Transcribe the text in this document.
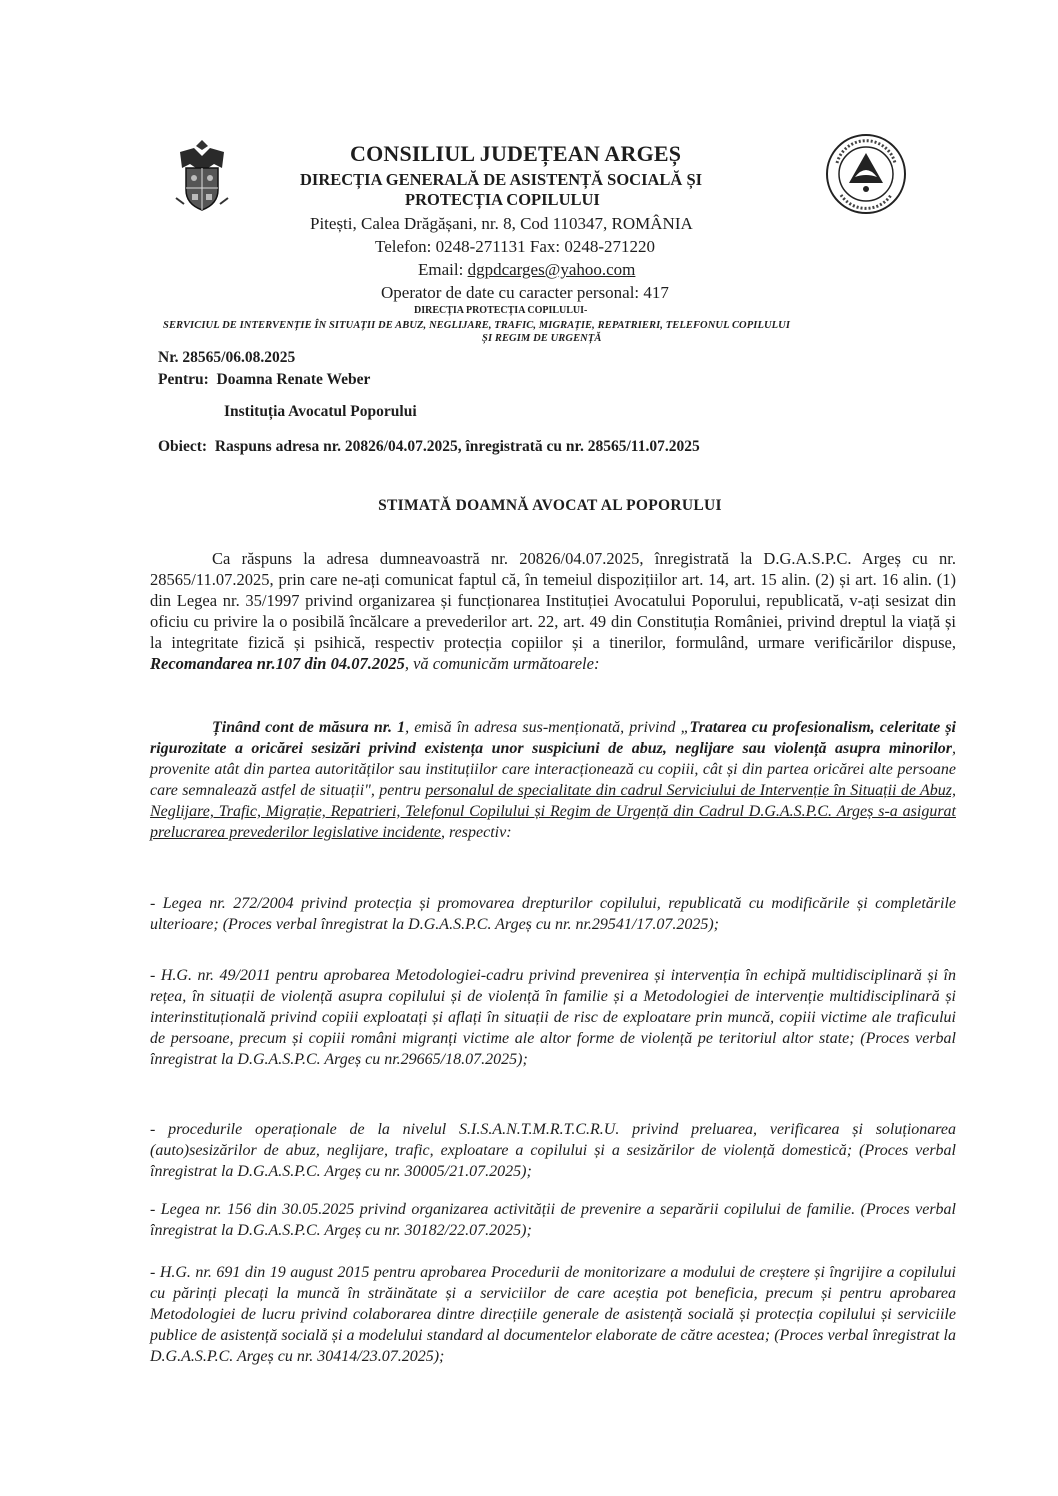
CONSILIUL JUDEȚEAN ARGEȘ
DIRECȚIA GENERALĂ DE ASISTENȚĂ SOCIALĂ ȘI
PROTECȚIA COPILULUI
Pitești, Calea Drăgășani, nr. 8, Cod 110347, ROMÂNIA
Telefon: 0248-271131 Fax: 0248-271220
Email: dgpdcarges@yahoo.com
Operator de date cu caracter personal: 417
DIRECȚIA PROTECȚIA COPILULUI-
SERVICIUL DE INTERVENȚIE ÎN SITUAȚII DE ABUZ, NEGLIJARE, TRAFIC, MIGRAȚIE, REPATRIERI, TELEFONUL COPILULUI
ȘI REGIM DE URGENȚĂ
Nr. 28565/06.08.2025
Pentru: Doamna Renate Weber
Instituția Avocatul Poporului
Obiect: Raspuns adresa nr. 20826/04.07.2025, înregistrată cu nr. 28565/11.07.2025
STIMATĂ DOAMNĂ AVOCAT AL POPORULUI
Ca răspuns la adresa dumneavoastră nr. 20826/04.07.2025, înregistrată la D.G.A.S.P.C. Argeș cu nr. 28565/11.07.2025, prin care ne-ați comunicat faptul că, în temeiul dispozițiilor art. 14, art. 15 alin. (2) și art. 16 alin. (1) din Legea nr. 35/1997 privind organizarea și funcționarea Instituției Avocatului Poporului, republicată, v-ați sesizat din oficiu cu privire la o posibilă încălcare a prevederilor art. 22, art. 49 din Constituția României, privind dreptul la viață și la integritate fizică și psihică, respectiv protecția copiilor și a tinerilor, formulând, urmare verificărilor dispuse, Recomandarea nr.107 din 04.07.2025, vă comunicăm următoarele:
Ținând cont de măsura nr. 1, emisă în adresa sus-menționată, privind „Tratarea cu profesionalism, celeritate și rigurozitate a oricărei sesizări privind existența unor suspiciuni de abuz, neglijare sau violență asupra minorilor, provenite atât din partea autorităților sau instituțiilor care interacționează cu copiii, cât și din partea oricărei alte persoane care semnalează astfel de situații", pentru personalul de specialitate din cadrul Serviciului de Intervenție în Situații de Abuz, Neglijare, Trafic, Migrație, Repatrieri, Telefonul Copilului și Regim de Urgență din Cadrul D.G.A.S.P.C. Argeș s-a asigurat prelucrarea prevederilor legislative incidente, respectiv:
- Legea nr. 272/2004 privind protecția și promovarea drepturilor copilului, republicată cu modificările și completările ulterioare; (Proces verbal înregistrat la D.G.A.S.P.C. Argeș cu nr. nr.29541/17.07.2025);
- H.G. nr. 49/2011 pentru aprobarea Metodologiei-cadru privind prevenirea și intervenția în echipă multidisciplinară și în rețea, în situații de violență asupra copilului și de violență în familie și a Metodologiei de intervenție multidisciplinară și interinstituțională privind copiii exploatați și aflați în situații de risc de exploatare prin muncă, copiii victime ale traficului de persoane, precum și copiii români migranți victime ale altor forme de violență pe teritoriul altor state; (Proces verbal înregistrat la D.G.A.S.P.C. Argeș cu nr.29665/18.07.2025);
- procedurile operaționale de la nivelul S.I.S.A.N.T.M.R.T.C.R.U. privind preluarea, verificarea și soluționarea (auto)sesizărilor de abuz, neglijare, trafic, exploatare a copilului și a sesizărilor de violență domestică; (Proces verbal înregistrat la D.G.A.S.P.C. Argeș cu nr. 30005/21.07.2025);
- Legea nr. 156 din 30.05.2025 privind organizarea activității de prevenire a separării copilului de familie. (Proces verbal înregistrat la D.G.A.S.P.C. Argeș cu nr. 30182/22.07.2025);
- H.G. nr. 691 din 19 august 2015 pentru aprobarea Procedurii de monitorizare a modului de creștere și îngrijire a copilului cu părinți plecați la muncă în străinătate și a serviciilor de care aceștia pot beneficia, precum și pentru aprobarea Metodologiei de lucru privind colaborarea dintre direcțiile generale de asistență socială și protecția copilului și serviciile publice de asistență socială și a modelului standard al documentelor elaborate de către acestea; (Proces verbal înregistrat la D.G.A.S.P.C. Argeș cu nr. 30414/23.07.2025);
